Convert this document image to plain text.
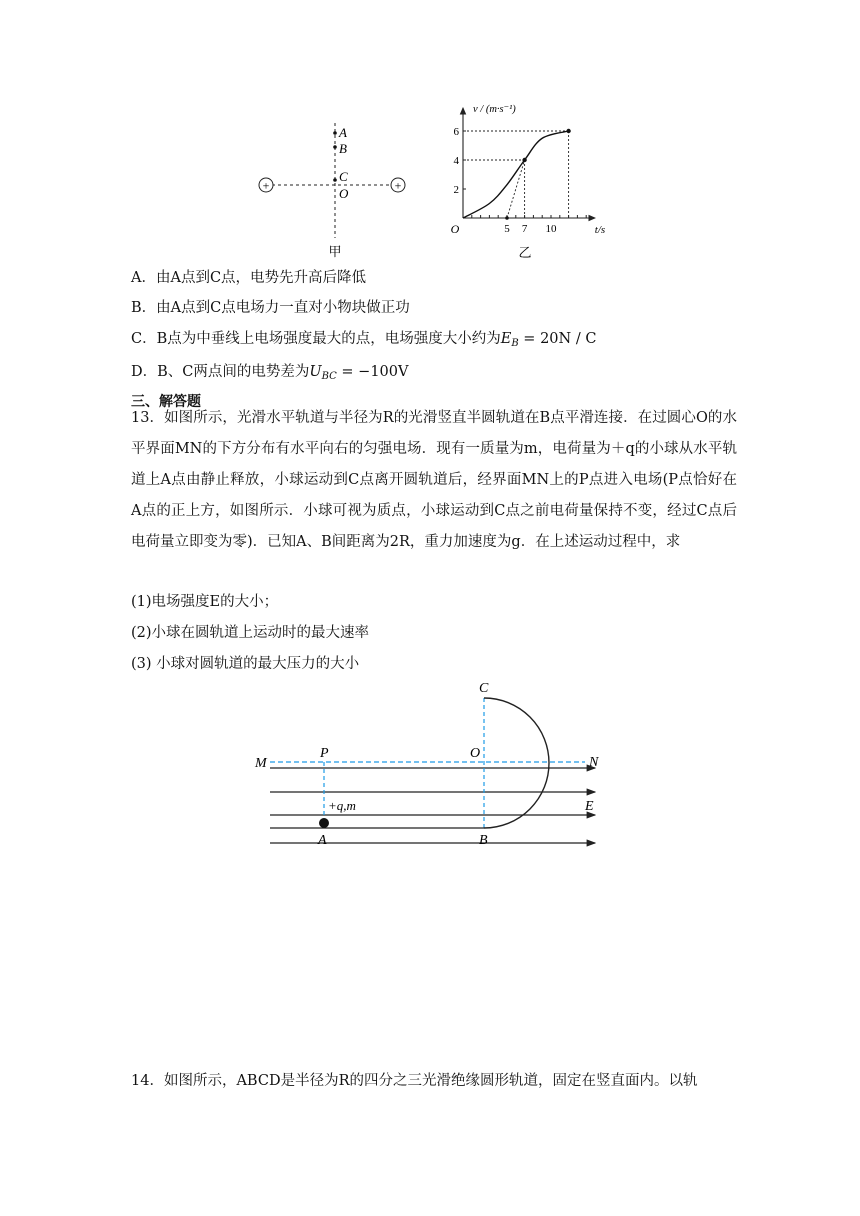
+	+
A
B
C
O
甲
2
4
6
5 7 10
O	t/s
v / (m·s⁻¹)
乙
A．由A点到C点，电势先升高后降低
B．由A点到C点电场力一直对小物块做正功
C．B点为中垂线上电场强度最大的点，电场强度大小约为$E_B = 20N / C$
D．B、C两点间的电势差为$U_{BC} = -100V$
三、解答题
13．如图所示，光滑水平轨道与半径为R的光滑竖直半圆轨道在B点平滑连接．在过圆心O的水平界面MN的下方分布有水平向右的匀强电场．现有一质量为m，电荷量为＋q的小球从水平轨道上A点由静止释放，小球运动到C点离开圆轨道后，经界面MN上的P点进入电场(P点恰好在A点的正上方，如图所示．小球可视为质点，小球运动到C点之前电荷量保持不变，经过C点后电荷量立即变为零)．已知A、B间距离为2R，重力加速度为g．在上述运动过程中，求
(1)电场强度E的大小；
(2)小球在圆轨道上运动时的最大速率
(3) 小球对圆轨道的最大压力的大小
M	N
P	O
C
E
+q,m
A	B
14．如图所示，ABCD是半径为R的四分之三光滑绝缘圆形轨道，固定在竖直面内。以轨
